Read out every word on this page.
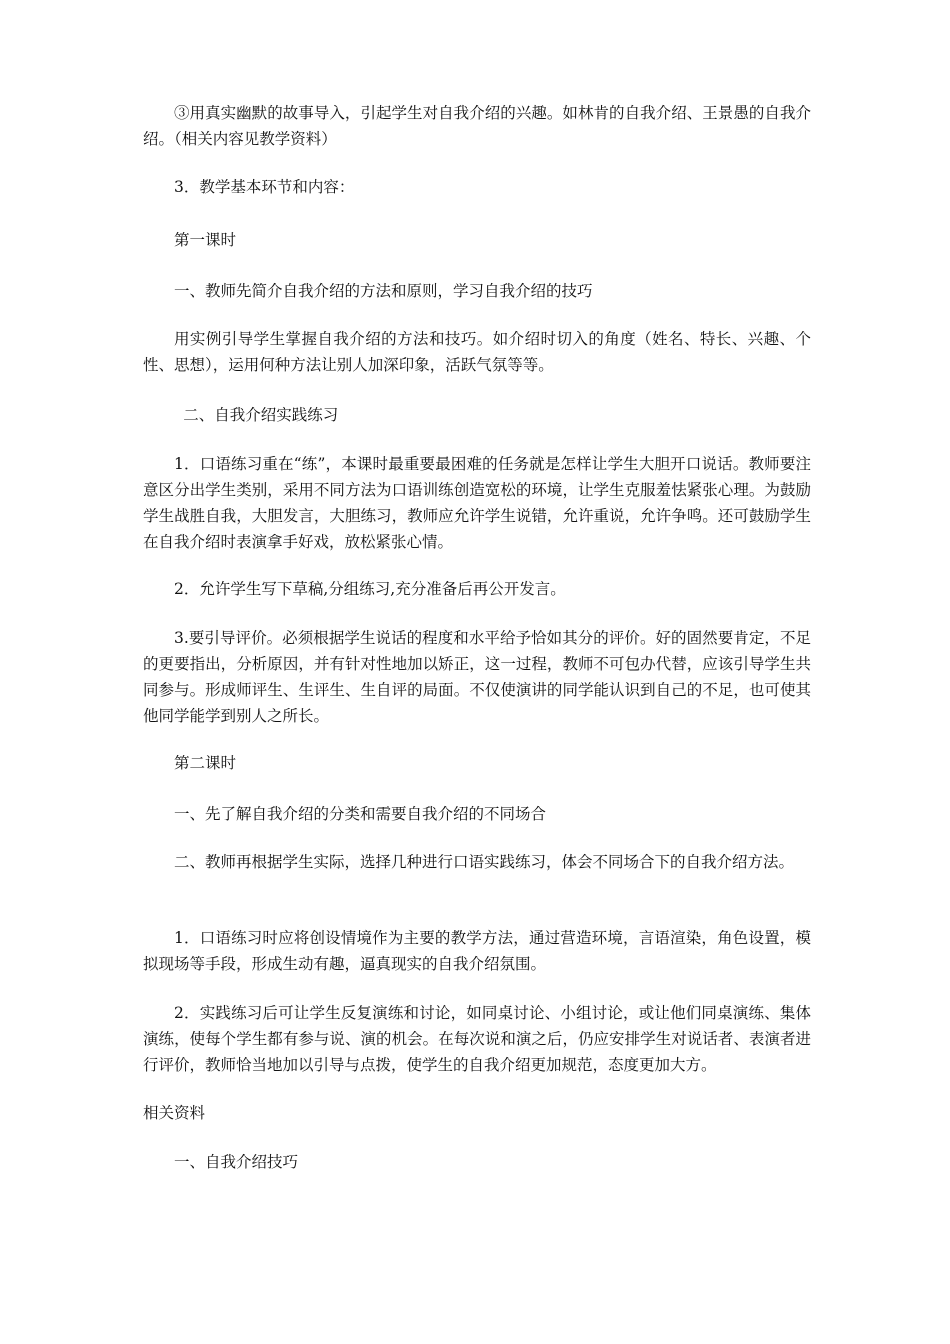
③用真实幽默的故事导入，引起学生对自我介绍的兴趣。如林肯的自我介绍、王景愚的自我介绍。（相关内容见教学资料）

3．教学基本环节和内容：

第一课时

一、教师先简介自我介绍的方法和原则，学习自我介绍的技巧

用实例引导学生掌握自我介绍的方法和技巧。如介绍时切入的角度（姓名、特长、兴趣、个性、思想），运用何种方法让别人加深印象，活跃气氛等等。

二、自我介绍实践练习

1．口语练习重在“练”，本课时最重要最困难的任务就是怎样让学生大胆开口说话。教师要注意区分出学生类别，采用不同方法为口语训练创造宽松的环境，让学生克服羞怯紧张心理。为鼓励学生战胜自我，大胆发言，大胆练习，教师应允许学生说错，允许重说，允许争鸣。还可鼓励学生在自我介绍时表演拿手好戏，放松紧张心情。

2．允许学生写下草稿,分组练习,充分准备后再公开发言。

3.要引导评价。必须根据学生说话的程度和水平给予恰如其分的评价。好的固然要肯定，不足的更要指出，分析原因，并有针对性地加以矫正，这一过程，教师不可包办代替，应该引导学生共同参与。形成师评生、生评生、生自评的局面。不仅使演讲的同学能认识到自己的不足，也可使其他同学能学到别人之所长。

第二课时

一、先了解自我介绍的分类和需要自我介绍的不同场合

二、教师再根据学生实际，选择几种进行口语实践练习，体会不同场合下的自我介绍方法。

1．口语练习时应将创设情境作为主要的教学方法，通过营造环境，言语渲染，角色设置，模拟现场等手段，形成生动有趣，逼真现实的自我介绍氛围。

2．实践练习后可让学生反复演练和讨论，如同桌讨论、小组讨论，或让他们同桌演练、集体演练，使每个学生都有参与说、演的机会。在每次说和演之后，仍应安排学生对说话者、表演者进行评价，教师恰当地加以引导与点拨，使学生的自我介绍更加规范，态度更加大方。

相关资料

一、自我介绍技巧
